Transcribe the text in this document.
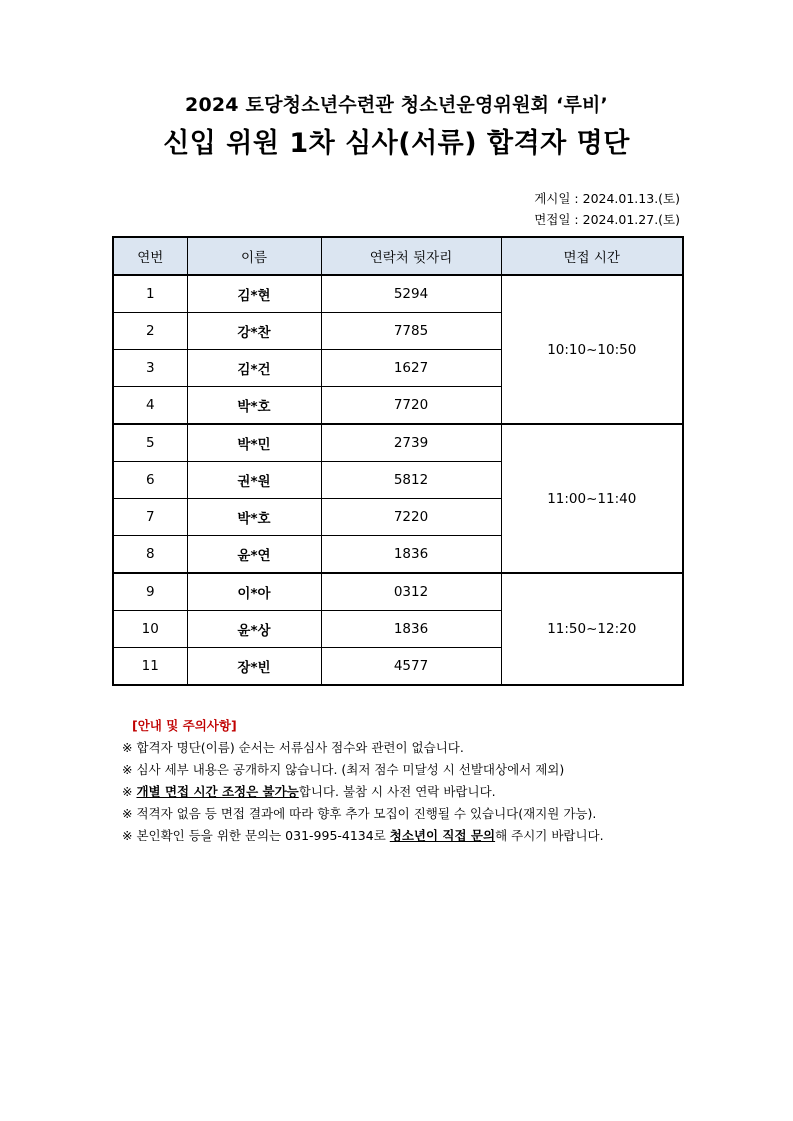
2024 토당청소년수련관 청소년운영위원회 ‘루비’
신입 위원 1차 심사(서류) 합격자 명단
게시일 : 2024.01.13.(토)
면접일 : 2024.01.27.(토)
연번	이름	연락처 뒷자리	면접 시간
1	김*현	5294	10:10~10:50
2	강*찬	7785	
3	김*건	1627	
4	박*호	7720	
5	박*민	2739	11:00~11:40
6	권*원	5812	
7	박*호	7220	
8	윤*연	1836	
9	이*아	0312	11:50~12:20
10	윤*상	1836	
11	장*빈	4577	
[안내 및 주의사항]
※ 합격자 명단(이름) 순서는 서류심사 점수와 관련이 없습니다.
※ 심사 세부 내용은 공개하지 않습니다. (최저 점수 미달성 시 선발대상에서 제외)
※ 개별 면접 시간 조정은 불가능합니다. 불참 시 사전 연락 바랍니다.
※ 적격자 없음 등 면접 결과에 따라 향후 추가 모집이 진행될 수 있습니다(재지원 가능).
※ 본인확인 등을 위한 문의는 031-995-4134로 청소년이 직접 문의해 주시기 바랍니다.
